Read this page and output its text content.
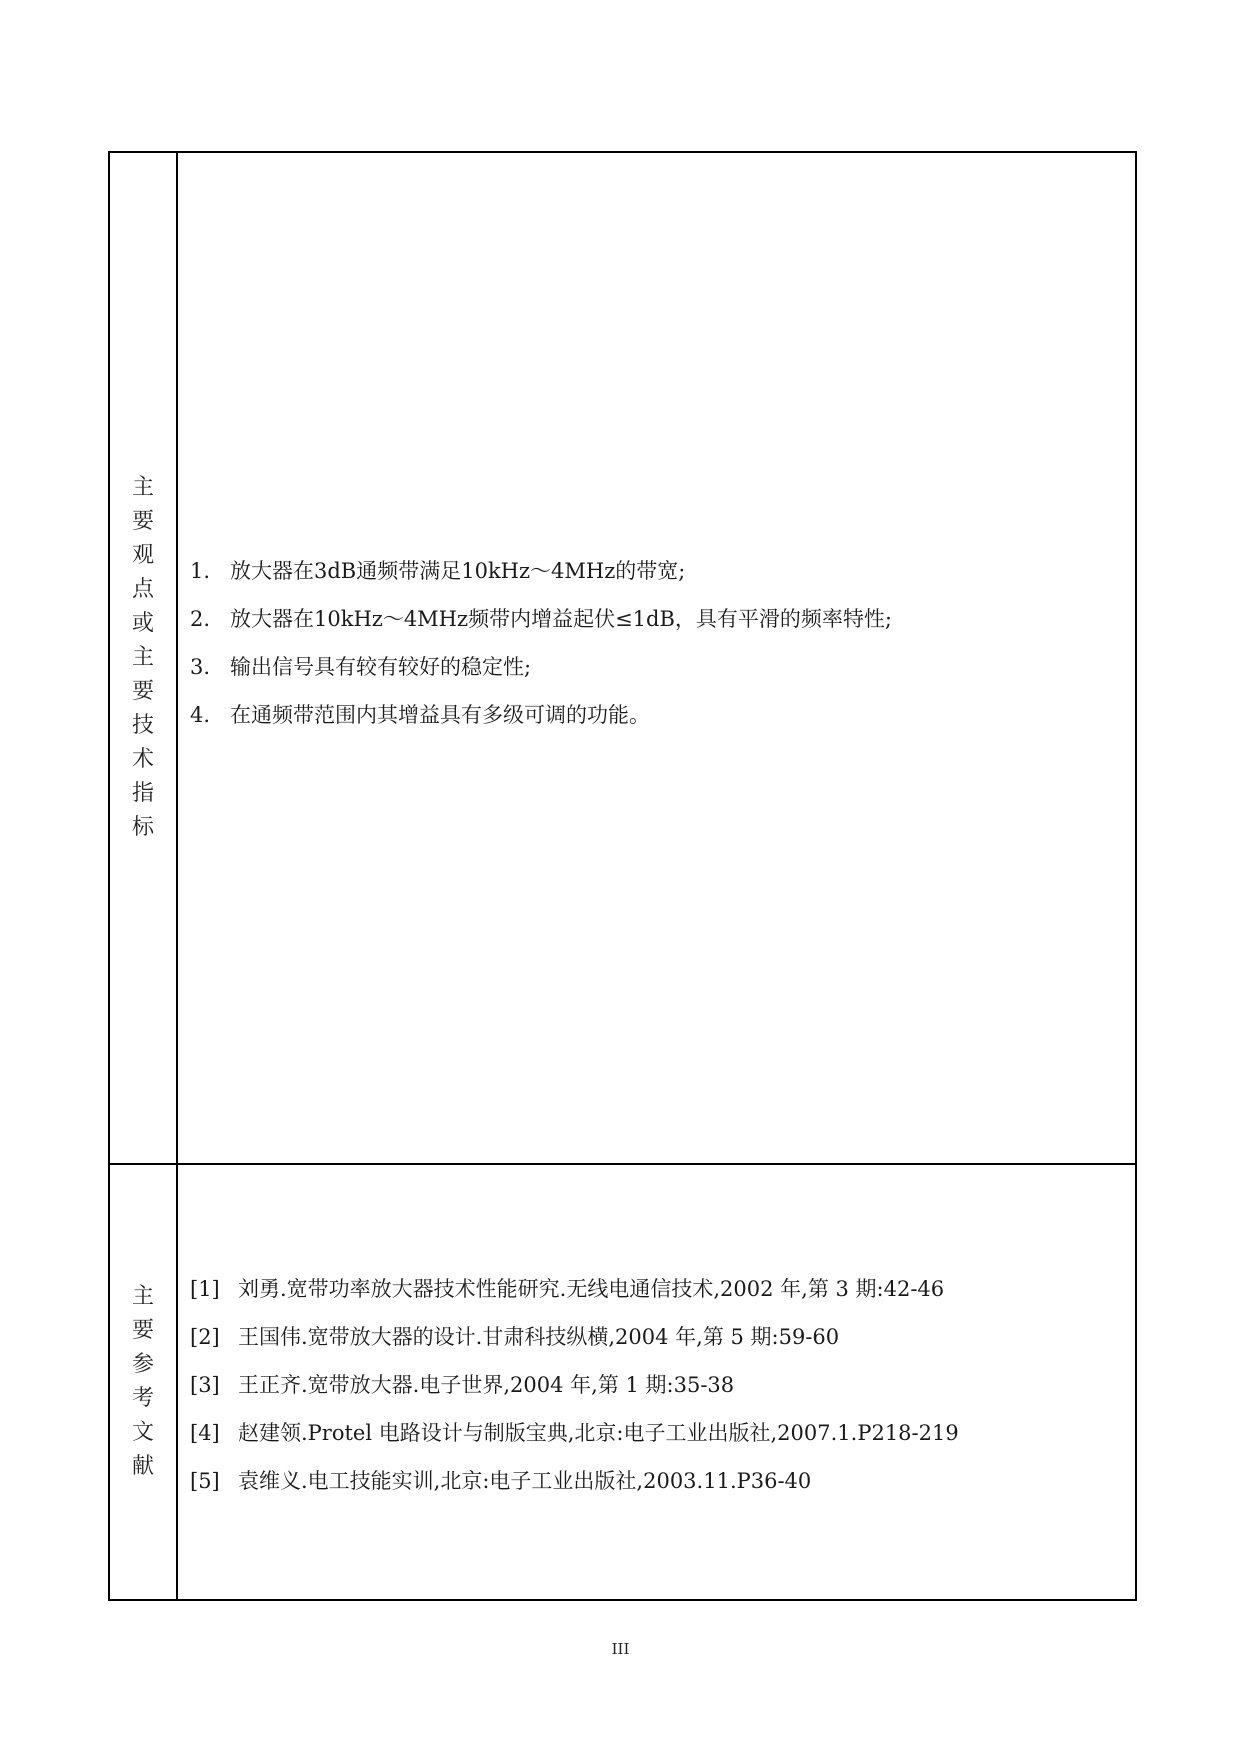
主
要
观
点
或
主
要
技
术
指
标
1. 放大器在3dB通频带满足10kHz～4MHz的带宽;
2. 放大器在10kHz～4MHz频带内增益起伏≤1dB，具有平滑的频率特性;
3. 输出信号具有较有较好的稳定性;
4. 在通频带范围内其增益具有多级可调的功能。
主
要
参
考
文
献
[1] 刘勇.宽带功率放大器技术性能研究.无线电通信技术,2002 年,第 3 期:42-46
[2] 王国伟.宽带放大器的设计.甘肃科技纵横,2004 年,第 5 期:59-60
[3] 王正齐.宽带放大器.电子世界,2004 年,第 1 期:35-38
[4] 赵建领.Protel 电路设计与制版宝典,北京:电子工业出版社,2007.1.P218-219
[5] 袁维义.电工技能实训,北京:电子工业出版社,2003.11.P36-40
III
